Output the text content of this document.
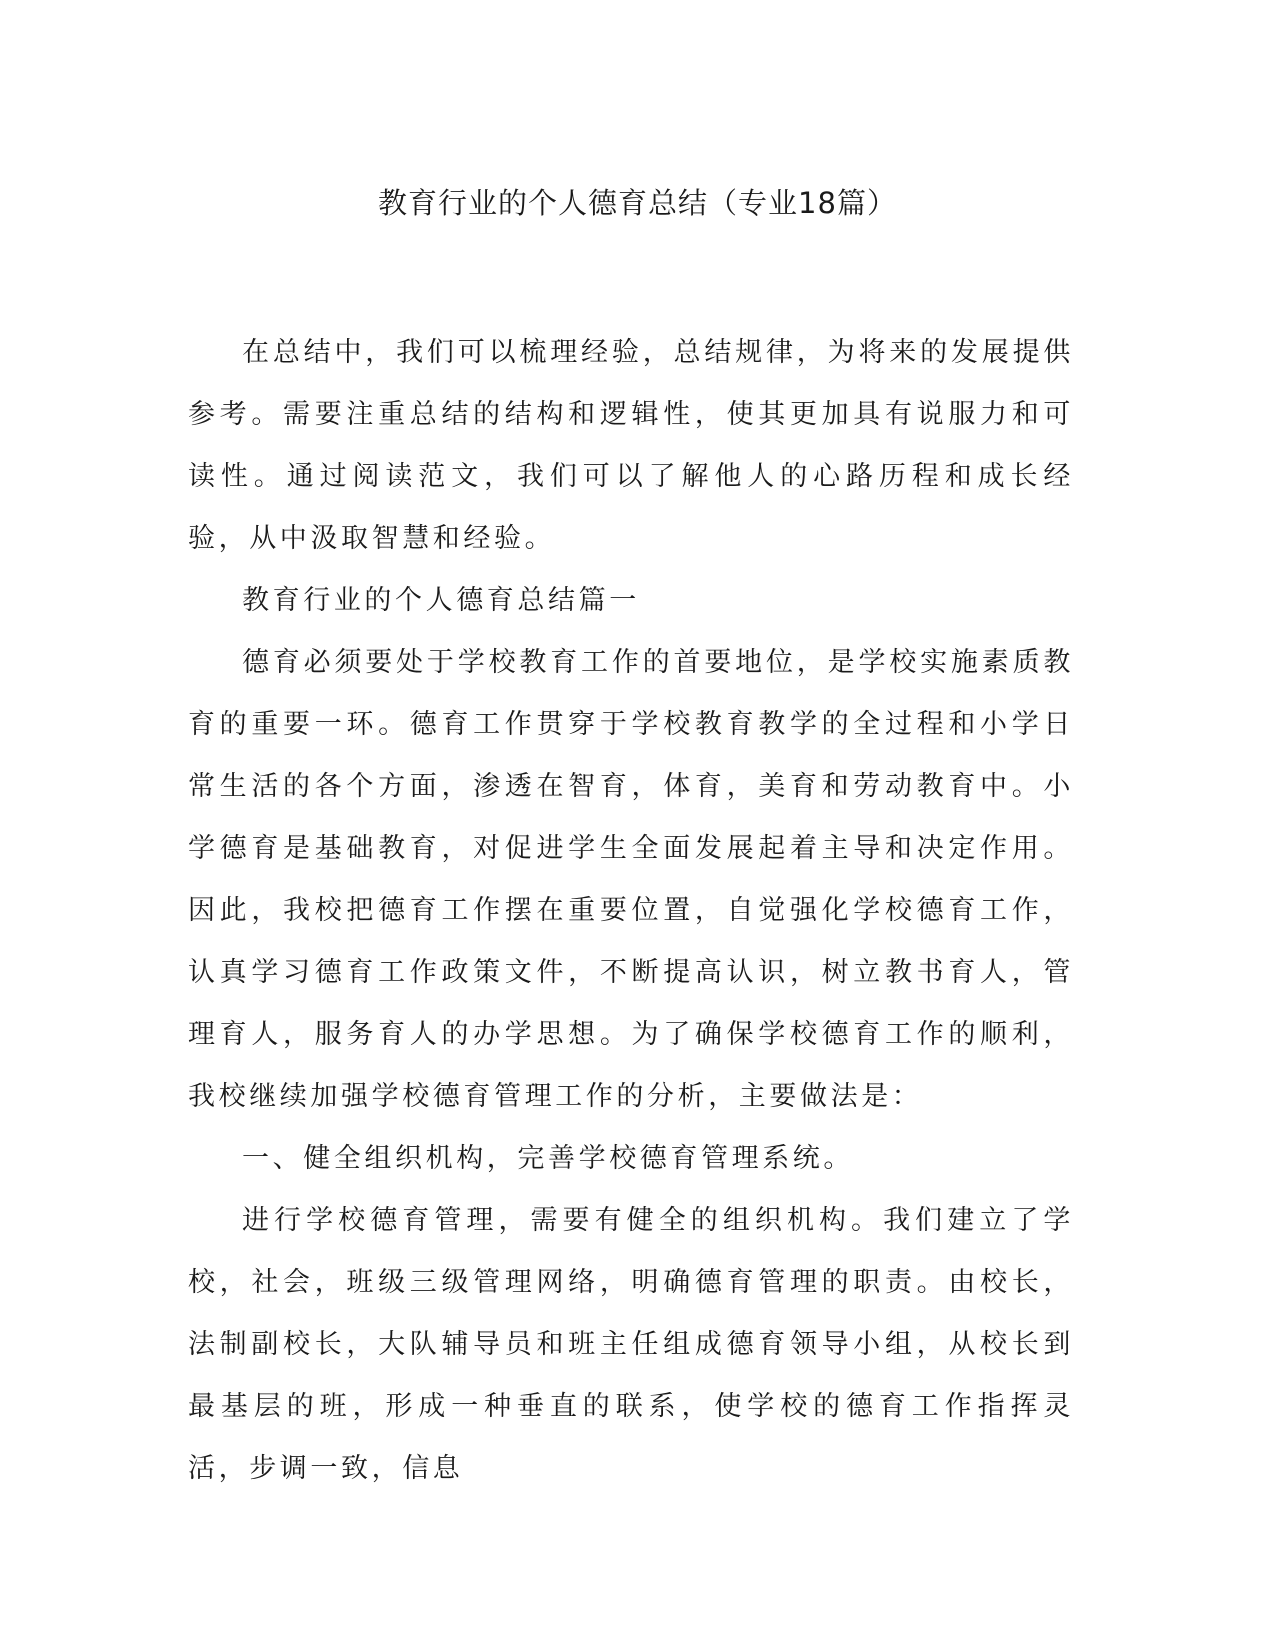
教育行业的个人德育总结（专业18篇）

在总结中，我们可以梳理经验，总结规律，为将来的发展提供参考。需要注重总结的结构和逻辑性，使其更加具有说服力和可读性。通过阅读范文，我们可以了解他人的心路历程和成长经验，从中汲取智慧和经验。

教育行业的个人德育总结篇一

德育必须要处于学校教育工作的首要地位，是学校实施素质教育的重要一环。德育工作贯穿于学校教育教学的全过程和小学日常生活的各个方面，渗透在智育，体育，美育和劳动教育中。小学德育是基础教育，对促进学生全面发展起着主导和决定作用。因此，我校把德育工作摆在重要位置，自觉强化学校德育工作，认真学习德育工作政策文件，不断提高认识，树立教书育人，管理育人，服务育人的办学思想。为了确保学校德育工作的顺利，我校继续加强学校德育管理工作的分析，主要做法是：

一、健全组织机构，完善学校德育管理系统。

进行学校德育管理，需要有健全的组织机构。我们建立了学校，社会，班级三级管理网络，明确德育管理的职责。由校长，法制副校长，大队辅导员和班主任组成德育领导小组，从校长到最基层的班，形成一种垂直的联系，使学校的德育工作指挥灵活，步调一致，信息
